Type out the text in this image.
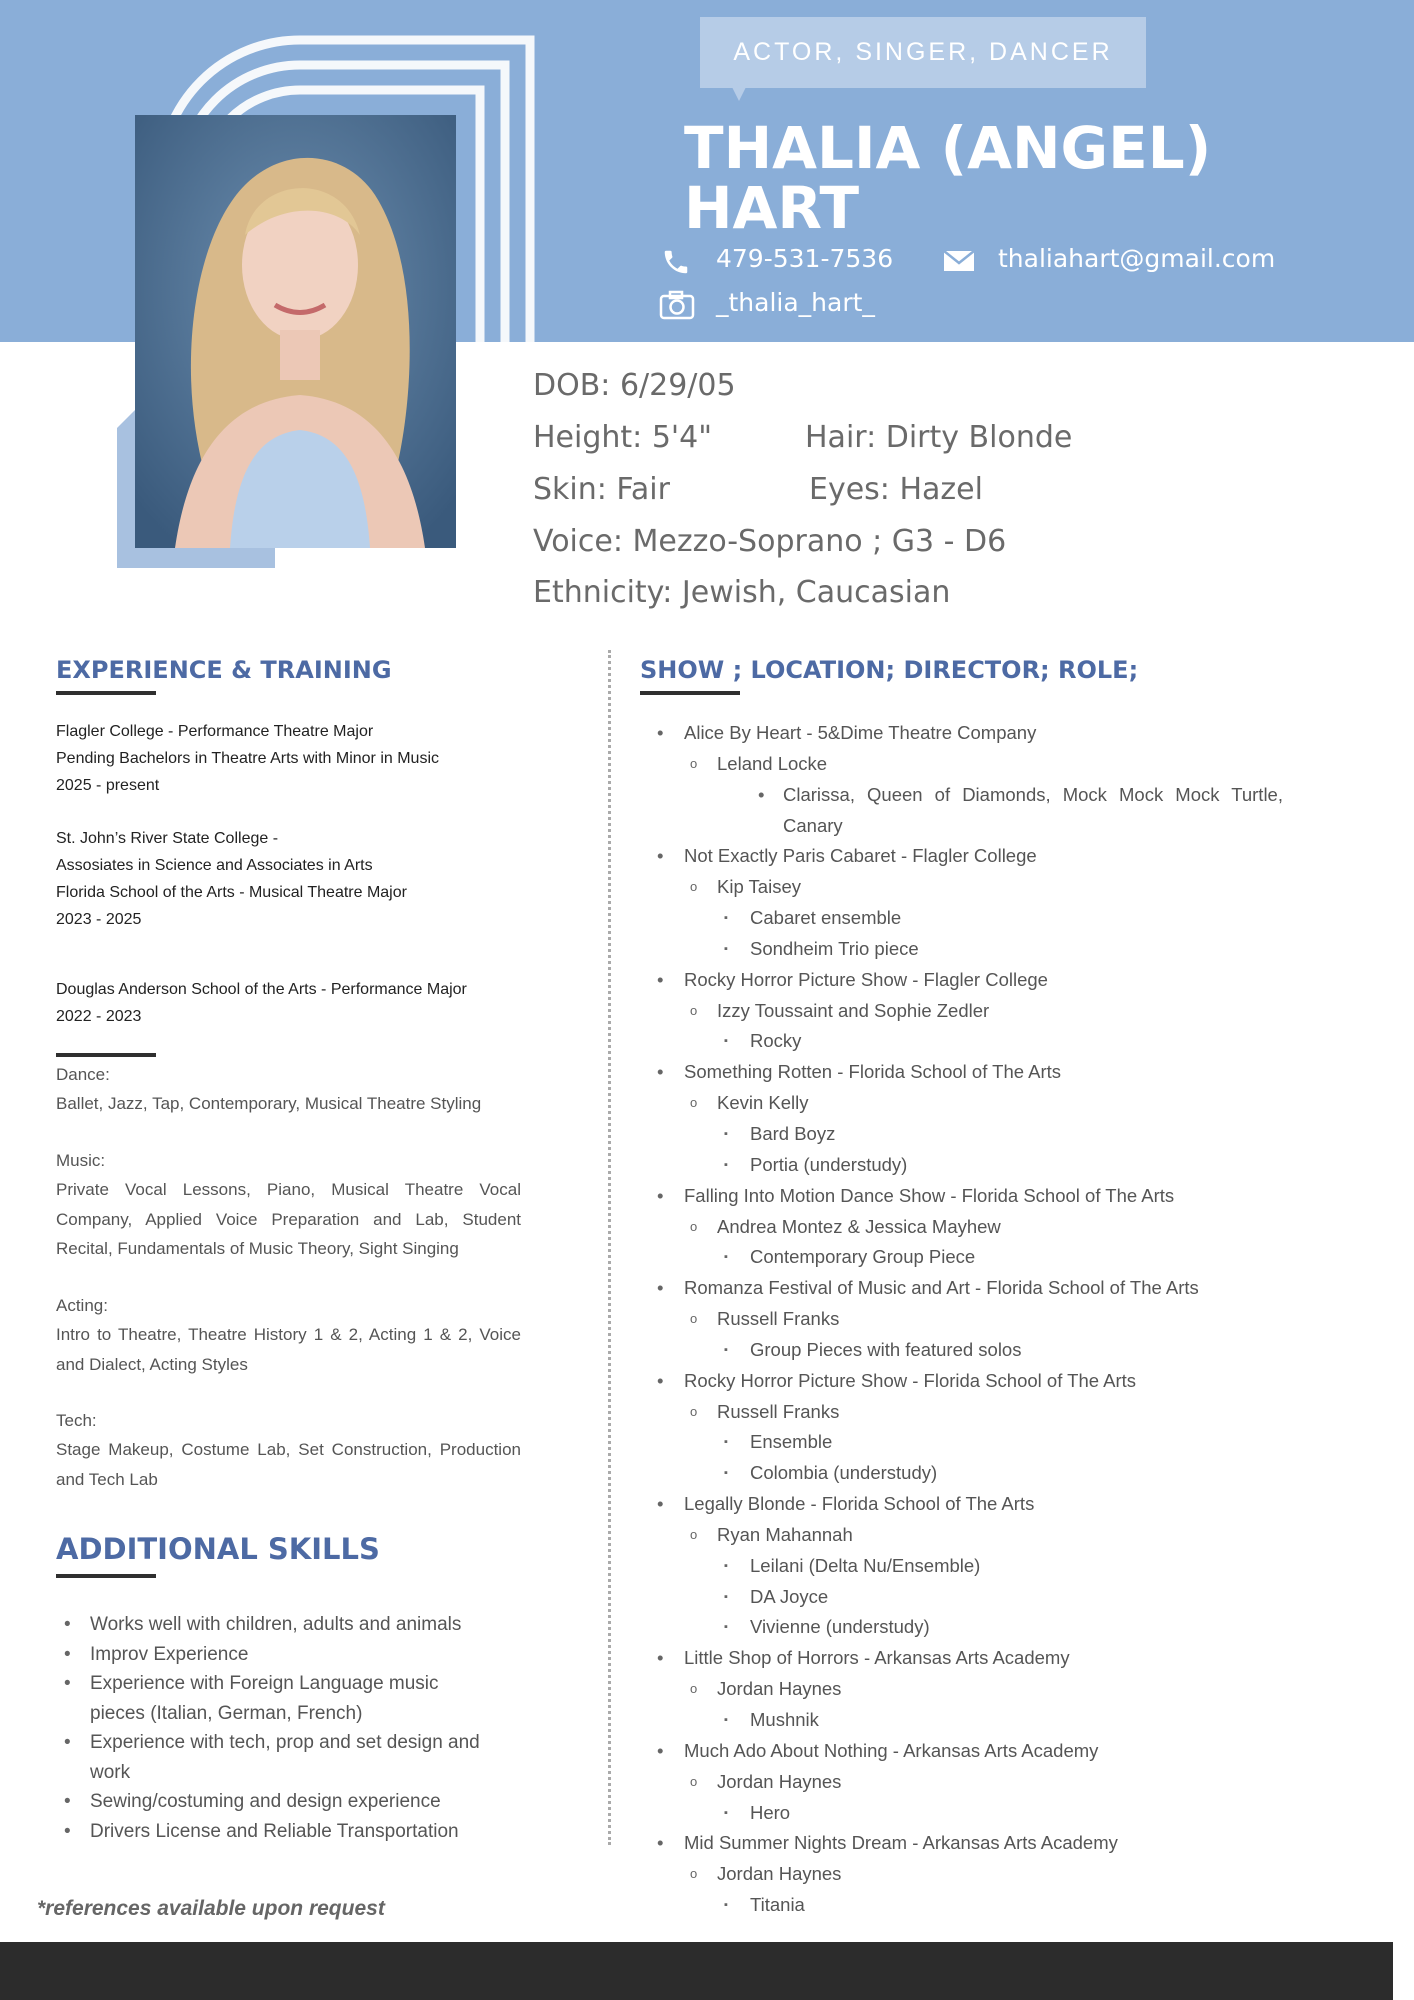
ACTOR, SINGER, DANCER
THALIA (ANGEL)
HART
479-531-7536	thaliahart@gmail.com
_thalia_hart_
DOB: 6/29/05
Height: 5'4"	Hair: Dirty Blonde
Skin: Fair	Eyes: Hazel
Voice: Mezzo-Soprano ; G3 - D6
Ethnicity: Jewish, Caucasian
EXPERIENCE & TRAINING
Flagler College - Performance Theatre Major
Pending Bachelors in Theatre Arts with Minor in Music
2025 - present
St. John’s River State College -
Assosiates in Science and Associates in Arts
Florida School of the Arts - Musical Theatre Major
2023 - 2025
Douglas Anderson School of the Arts - Performance Major
2022 - 2023
Dance:
Ballet, Jazz, Tap, Contemporary, Musical Theatre Styling
Music:
Private Vocal Lessons, Piano, Musical Theatre Vocal Company, Applied Voice Preparation and Lab, Student Recital, Fundamentals of Music Theory, Sight Singing
Acting:
Intro to Theatre, Theatre History 1 & 2, Acting 1 & 2, Voice and Dialect, Acting Styles
Tech:
Stage Makeup, Costume Lab, Set Construction, Production and Tech Lab
ADDITIONAL SKILLS
• Works well with children, adults and animals
• Improv Experience
• Experience with Foreign Language music pieces (Italian, German, French)
• Experience with tech, prop and set design and work
• Sewing/costuming and design experience
• Drivers License and Reliable Transportation
SHOW ; LOCATION; DIRECTOR; ROLE;
• Alice By Heart - 5&Dime Theatre Company
o Leland Locke
• Clarissa, Queen of Diamonds, Mock Mock Mock Turtle, Canary
• Not Exactly Paris Cabaret - Flagler College
o Kip Taisey
▪ Cabaret ensemble
▪ Sondheim Trio piece
• Rocky Horror Picture Show - Flagler College
o Izzy Toussaint and Sophie Zedler
▪ Rocky
• Something Rotten - Florida School of The Arts
o Kevin Kelly
▪ Bard Boyz
▪ Portia (understudy)
• Falling Into Motion Dance Show - Florida School of The Arts
o Andrea Montez & Jessica Mayhew
▪ Contemporary Group Piece
• Romanza Festival of Music and Art - Florida School of The Arts
o Russell Franks
▪ Group Pieces with featured solos
• Rocky Horror Picture Show - Florida School of The Arts
o Russell Franks
▪ Ensemble
▪ Colombia (understudy)
• Legally Blonde - Florida School of The Arts
o Ryan Mahannah
▪ Leilani (Delta Nu/Ensemble)
▪ DA Joyce
▪ Vivienne (understudy)
• Little Shop of Horrors - Arkansas Arts Academy
o Jordan Haynes
▪ Mushnik
• Much Ado About Nothing - Arkansas Arts Academy
o Jordan Haynes
▪ Hero
• Mid Summer Nights Dream - Arkansas Arts Academy
o Jordan Haynes
▪ Titania
*references available upon request
